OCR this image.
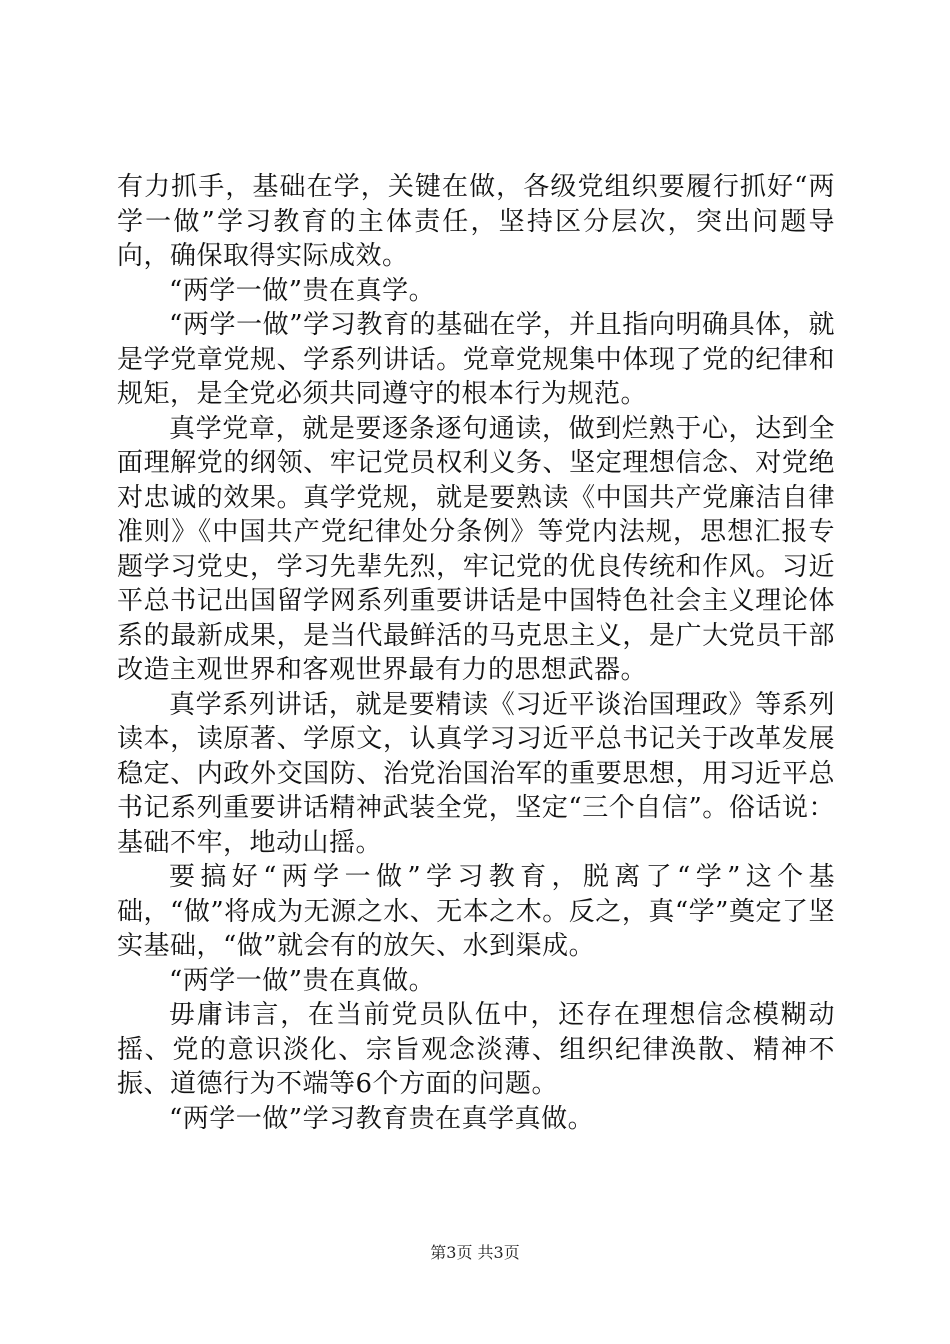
有力抓手，基础在学，关键在做，各级党组织要履行抓好“两学一做”学习教育的主体责任，坚持区分层次，突出问题导向，确保取得实际成效。

“两学一做”贵在真学。

“两学一做”学习教育的基础在学，并且指向明确具体，就是学党章党规、学系列讲话。党章党规集中体现了党的纪律和规矩，是全党必须共同遵守的根本行为规范。

真学党章，就是要逐条逐句通读，做到烂熟于心，达到全面理解党的纲领、牢记党员权利义务、坚定理想信念、对党绝对忠诚的效果。真学党规，就是要熟读《中国共产党廉洁自律准则》《中国共产党纪律处分条例》等党内法规，思想汇报专题学习党史，学习先辈先烈，牢记党的优良传统和作风。习近平总书记出国留学网系列重要讲话是中国特色社会主义理论体系的最新成果，是当代最鲜活的马克思主义，是广大党员干部改造主观世界和客观世界最有力的思想武器。

真学系列讲话，就是要精读《习近平谈治国理政》等系列读本，读原著、学原文，认真学习习近平总书记关于改革发展稳定、内政外交国防、治党治国治军的重要思想，用习近平总书记系列重要讲话精神武装全党，坚定“三个自信”。俗话说：基础不牢，地动山摇。

要搞好“两学一做”学习教育，脱离了“学”这个基础，“做”将成为无源之水、无本之木。反之，真“学”奠定了坚实基础，“做”就会有的放矢、水到渠成。

“两学一做”贵在真做。

毋庸讳言，在当前党员队伍中，还存在理想信念模糊动摇、党的意识淡化、宗旨观念淡薄、组织纪律涣散、精神不振、道德行为不端等6个方面的问题。

“两学一做”学习教育贵在真学真做。

第3页 共3页
